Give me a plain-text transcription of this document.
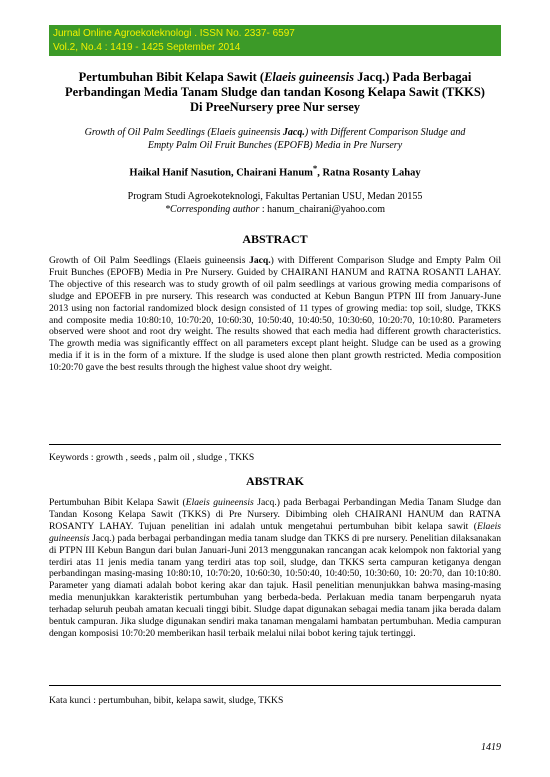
Jurnal Online Agroekoteknologi . ISSN No. 2337- 6597
Vol.2, No.4 : 1419 - 1425 September 2014
Pertumbuhan Bibit Kelapa Sawit (Elaeis guineensis Jacq.) Pada Berbagai
Perbandingan Media Tanam Sludge dan tandan Kosong Kelapa Sawit (TKKS)
Di PreeNursery pree Nur sersey
Growth of Oil Palm Seedlings (Elaeis guineensis Jacq.) with Different Comparison Sludge and
Empty Palm Oil Fruit Bunches (EPOFB) Media in Pre Nursery
Haikal Hanif Nasution, Chairani Hanum*, Ratna Rosanty Lahay
Program Studi Agroekoteknologi, Fakultas Pertanian USU, Medan 20155
*Corresponding author : hanum_chairani@yahoo.com
ABSTRACT
Growth of Oil Palm Seedlings (Elaeis guineensis Jacq.) with Different Comparison Sludge and Empty Palm Oil Fruit Bunches (EPOFB) Media in Pre Nursery. Guided by CHAIRANI HANUM and RATNA ROSANTI LAHAY. The objective of this research was to study growth of oil palm seedlings at various growing media comparisons of sludge and EPOEFB in pre nursery. This research was conducted at Kebun Bangun PTPN III from January-June 2013 using non factorial randomized block design consisted of 11 types of growing media: top soil, sludge, TKKS and composite media 10:80:10, 10:70:20, 10:60:30, 10:50:40, 10:40:50, 10:30:60, 10:20:70, 10:10:80. Parameters observed were shoot and root dry weight. The results showed that each media had different growth characteristics. The growth media was significantly efffect on all parameters except plant height. Sludge can be used as a growing media if it is in the form of a mixture. If the sludge is used alone then plant growth restricted. Media composition 10:20:70 gave the best results through the highest value shoot dry weight.
Keywords : growth , seeds , palm oil , sludge , TKKS
ABSTRAK
Pertumbuhan Bibit Kelapa Sawit (Elaeis guineensis Jacq.) pada Berbagai Perbandingan Media Tanam Sludge dan Tandan Kosong Kelapa Sawit (TKKS) di Pre Nursery. Dibimbing oleh CHAIRANI HANUM dan RATNA ROSANTY LAHAY. Tujuan penelitian ini adalah untuk mengetahui pertumbuhan bibit kelapa sawit (Elaeis guineensis Jacq.) pada berbagai perbandingan media tanam sludge dan TKKS di pre nursery. Penelitian dilaksanakan di PTPN III Kebun Bangun dari bulan Januari-Juni 2013 menggunakan rancangan acak kelompok non faktorial yang terdiri atas 11 jenis media tanam yang terdiri atas top soil, sludge, dan TKKS serta campuran ketiganya dengan perbandingan masing-masing 10:80:10, 10:70:20, 10:60:30, 10:50:40, 10:40:50, 10:30:60, 10: 20:70, dan 10:10:80. Parameter yang diamati adalah bobot kering akar dan tajuk. Hasil penelitian menunjukkan bahwa masing-masing media menunjukkan karakteristik pertumbuhan yang berbeda-beda. Perlakuan media tanam berpengaruh nyata terhadap seluruh peubah amatan kecuali tinggi bibit. Sludge dapat digunakan sebagai media tanam jika berada dalam bentuk campuran. Jika sludge digunakan sendiri maka tanaman mengalami hambatan pertumbuhan. Media campuran dengan komposisi 10:70:20 memberikan hasil terbaik melalui nilai bobot kering tajuk tertinggi.
Kata kunci : pertumbuhan, bibit, kelapa sawit, sludge, TKKS
1419
